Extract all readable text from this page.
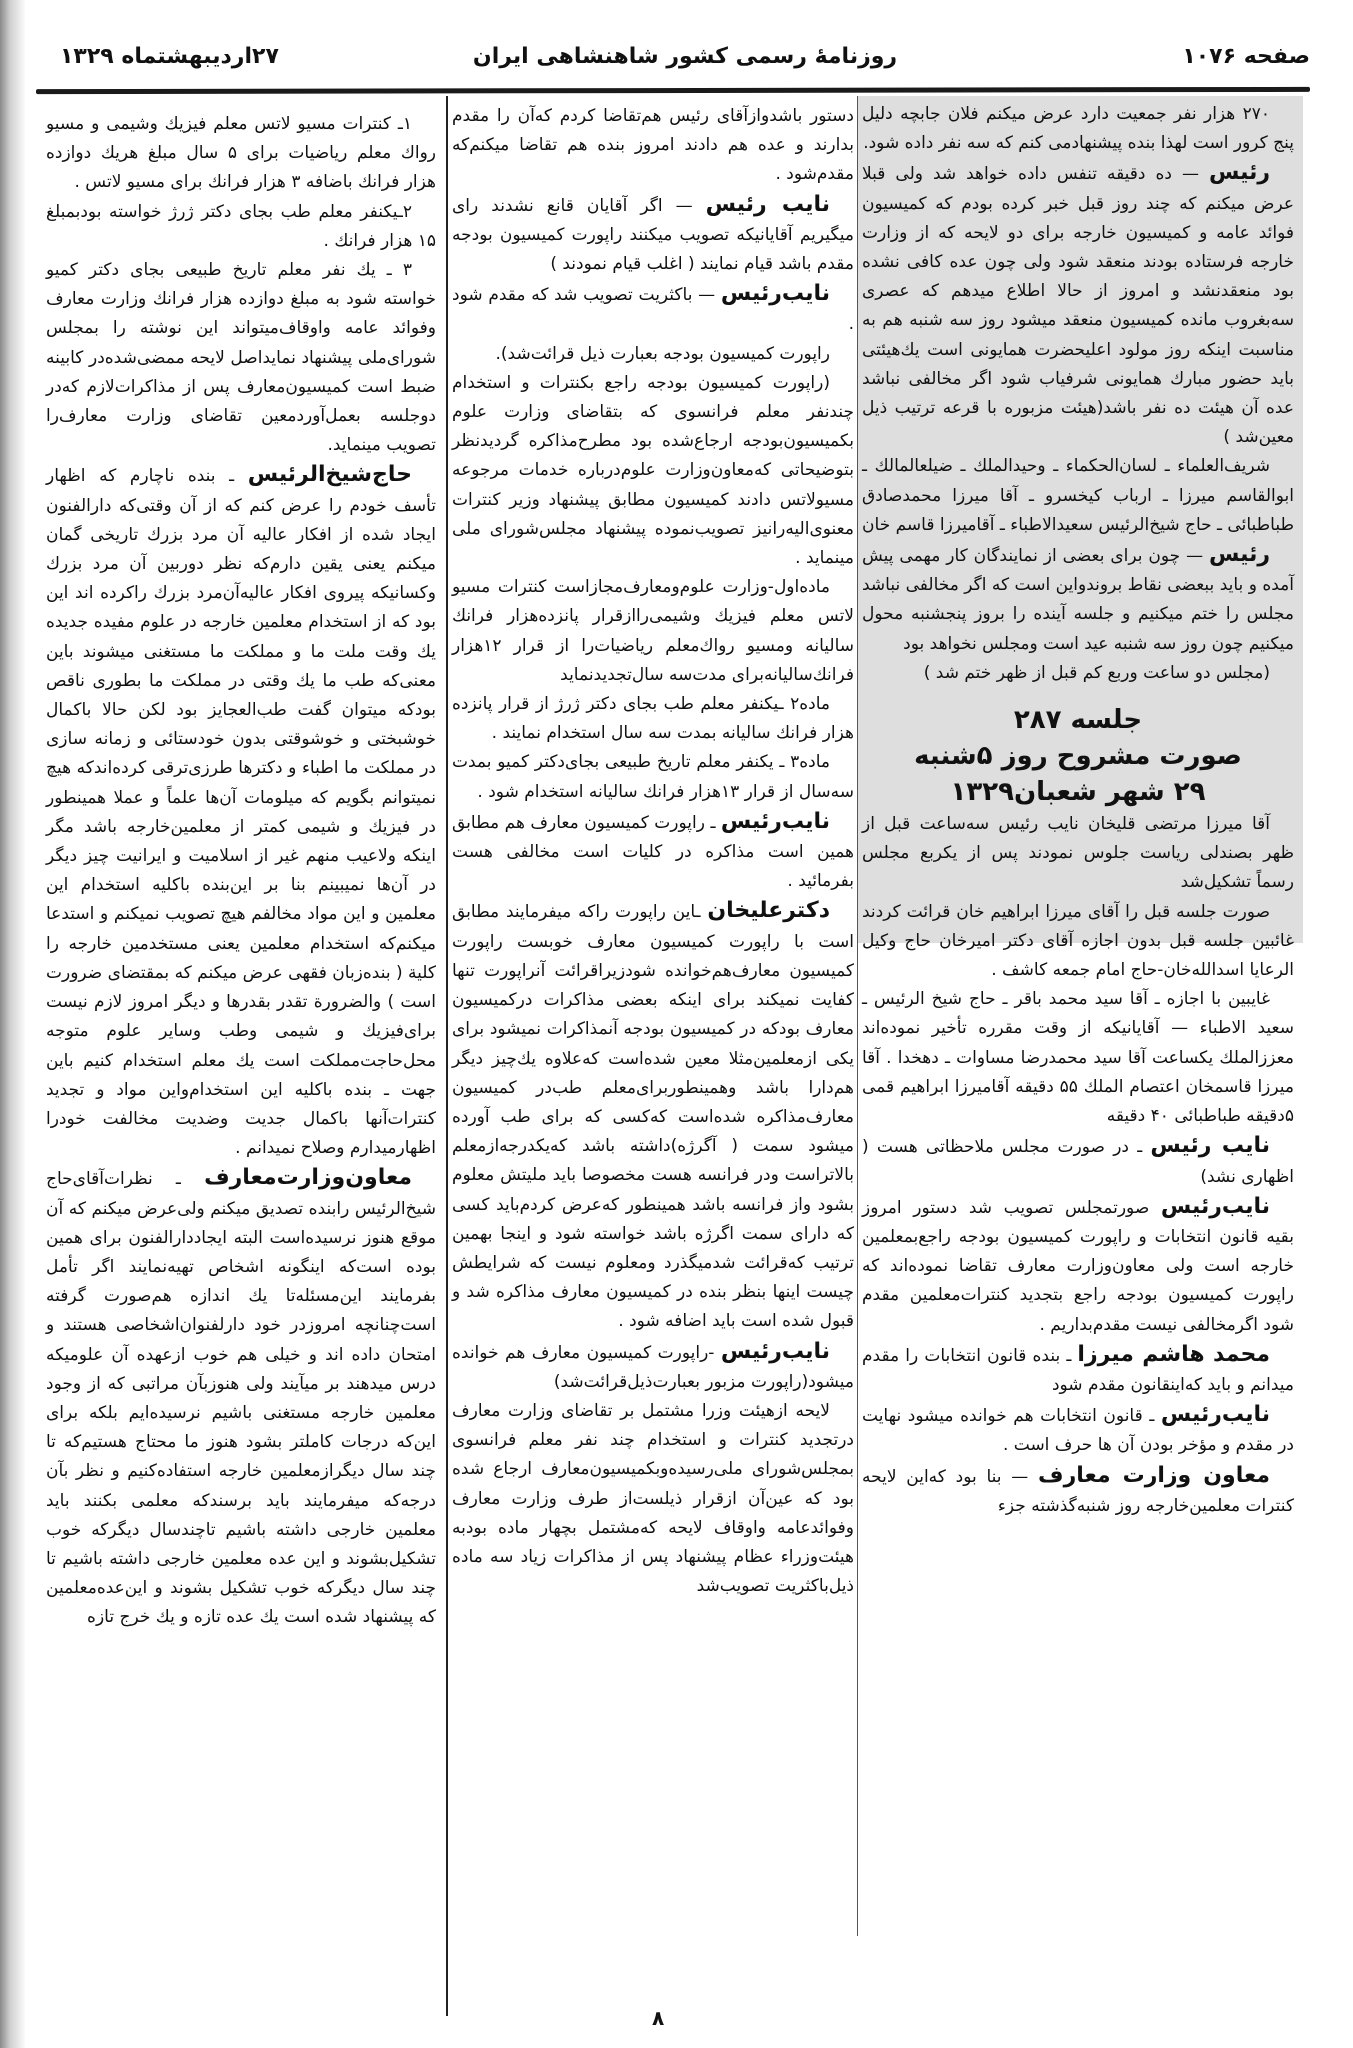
صفحه ۱۰۷۶
روزنامهٔ رسمی کشور شاهنشاهی ایران
۲۷اردیبهشتماه ۱۳۲۹

۲۷۰ هزار نفر جمعیت دارد عرض میکنم فلان جابچه دلیل پنج کرور است لهذا بنده پیشنهادمی کنم که سه نفر داده شود.

رئیس — ده دقیقه تنفس داده خواهد شد ولی قبلا عرض میکنم که چند روز قبل خبر کرده بودم که کمیسیون فوائد عامه و کمیسیون خارجه برای دو لایحه که از وزارت خارجه فرستاده بودند منعقد شود ولی چون عده کافی نشده بود منعقدنشد و امروز از حالا اطلاع میدهم که عصری سه‌بغروب مانده کمیسیون منعقد میشود روز سه شنبه هم به مناسبت اینکه روز مولود اعلیحضرت همایونی است یك‌هیئتی باید حضور مبارك همایونی شرفیاب شود اگر مخالفی نباشد عده آن هیئت ده نفر باشد(هیئت مزبوره با قرعه ترتیب ذیل معین‌شد )

شریف‌العلماء ـ لسان‌الحکماء ـ وحیدالملك ـ ضیلعالمالك ـ ابوالقاسم میرزا ـ ارباب کیخسرو ـ آقا میرزا محمدصادق طباطبائی ـ حاج شیخ‌الرئیس سعیدالاطباء ـ آقامیرزا قاسم خان

رئیس — چون برای بعضی از نمایندگان کار مهمی پیش آمده و باید ببعضی نقاط بروندواین است که اگر مخالفی نباشد مجلس را ختم میکنیم و جلسه آینده را بروز پنجشنبه محول میکنیم چون روز سه شنبه عید است ومجلس نخواهد بود

(مجلس دو ساعت وربع کم قبل از ظهر ختم شد )

جلسه ۲۸۷
صورت مشروح روز ۵شنبه
۲۹ شهر شعبان۱۳۲۹

آقا میرزا مرتضی قلیخان نایب رئیس سه‌ساعت قبل از ظهر بصندلی ریاست جلوس نمودند پس از یکربع مجلس رسماً تشکیل‌شد

صورت جلسه قبل را آقای میرزا ابراهیم خان قرائت کردند غائبین جلسه قبل بدون اجازه آقای دکتر امیرخان حاج وکیل الرعایا اسدالله‌خان-حاج امام جمعه کاشف .

غایبین با اجازه ـ آقا سید محمد باقر ـ حاج شیخ الرئیس ـ سعید الاطباء — آقایانیکه از وقت مقرره تأخیر نموده‌اند معززالملك یکساعت آقا سید محمدرضا مساوات ـ دهخدا . آقا میرزا قاسمخان اعتصام الملك ۵۵ دقیقه آقامیرزا ابراهیم قمی ۵دقیقه طباطبائی ۴۰ دقیقه

نایب رئیس ـ در صورت مجلس ملاحظاتی هست ( اظهاری نشد)

نایب‌رئیس صورتمجلس تصویب شد دستور امروز بقیه قانون انتخابات و راپورت کمیسیون بودجه راجع‌بمعلمین خارجه است ولی معاون‌وزارت معارف تقاضا نموده‌اند که راپورت کمیسیون بودجه راجع بتجدید کنترات‌معلمین مقدم شود اگرمخالفی نیست مقدم‌بداریم .

محمد هاشم میرزا ـ بنده قانون انتخابات را مقدم میدانم و باید که‌اینقانون مقدم شود

نایب‌رئیس ـ قانون انتخابات هم خوانده میشود نهایت در مقدم و مؤخر بودن آن ها حرف است .

معاون وزارت معارف — بنا بود که‌این لایحه کنترات معلمین‌خارجه روز شنبه‌گذشته جزء

دستور باشدوازآقای رئیس هم‌تقاضا کردم که‌آن را مقدم بدارند و عده هم دادند امروز بنده هم تقاضا میکنم‌که مقدم‌شود .

نایب رئیس — اگر آقایان قانع نشدند رای میگیریم آقایانیکه تصویب میکنند راپورت کمیسیون بودجه مقدم باشد قیام نمایند ( اغلب قیام نمودند )

نایب‌رئیس — باکثریت تصویب شد که مقدم شود .

راپورت کمیسیون بودجه بعبارت ذیل قرائت‌شد).

(راپورت کمیسیون بودجه راجع بکنترات و استخدام چندنفر معلم فرانسوی که بتقاضای وزارت علوم بکمیسیون‌بودجه ارجاع‌شده بود مطرح‌مذاکره گردیدنظر بتوضیحاتی که‌معاون‌وزارت علوم‌درباره خدمات مرجوعه مسیولاتس دادند کمیسیون مطابق پیشنهاد وزیر کنترات معنوی‌الیه‌رانیز تصویب‌نموده پیشنهاد مجلس‌شورای ملی مینماید .

ماده‌اول-وزارت علوم‌ومعارف‌مجازاست کنترات مسیو لاتس معلم فیزیك وشیمی‌رااز‌قرار پانزده‌هزار فرانك سالیانه ومسیو رواك‌معلم ریاضیات‌را از قرار ۱۲هزار فرانك‌سالیانه‌برای مدت‌سه سال‌تجدیدنماید

ماده۲ ـیکنفر معلم طب بجای دکتر ژرژ از قرار پانزده هزار فرانك سالیانه بمدت سه سال استخدام نمایند .

ماده۳ ـ یکنفر معلم تاریخ طبیعی بجای‌دکتر کمیو بمدت سه‌سال از قرار ۱۳هزار فرانك سالیانه استخدام شود .

نایب‌رئیس ـ راپورت کمیسیون معارف هم مطابق همین است مذاکره در کلیات است مخالفی هست بفرمائید .

دکترعلیخان ـاین راپورت راکه میفرمایند مطابق است با راپورت کمیسیون معارف خوبست راپورت کمیسیون معارف‌هم‌خوانده شودزیراقرائت آنراپورت تنها کفایت نمیکند برای اینکه بعضی مذاکرات درکمیسیون معارف بودکه در کمیسیون بودجه آنمذاکرات نمیشود برای یکی ازمعلمین‌مثلا معین شده‌است که‌علاوه یك‌چیز دیگر هم‌دارا باشد وهمینطوربرای‌معلم طب‌در کمیسیون معارف‌مذاکره شده‌است که‌کسی که برای طب آورده میشود سمت ( آگرژه)داشته باشد که‌یکدرجه‌ازمعلم بالاتراست ودر فرانسه هست مخصوصا باید ملیتش معلوم بشود واز فرانسه باشد همینطور که‌عرض کردم‌باید کسی که دارای سمت اگرژه باشد خواسته شود و اینجا بهمین ترتیب که‌قرائت شدمیگذرد ومعلوم نیست که شرایطش چیست اینها بنظر بنده در کمیسیون معارف مذاکره شد و قبول شده است باید اضافه شود .

نایب‌رئیس -راپورت کمیسیون معارف هم خوانده میشود(راپورت مزبور بعبارت‌ذیل‌قرائت‌شد)

لایحه ازهیئت وزرا مشتمل بر تقاضای وزارت معارف درتجدید کنترات و استخدام چند نفر معلم فرانسوی بمجلس‌شورای ملی‌رسیده‌وبکمیسیون‌معارف ارجاع شده بود که عین‌آن ازقرار ذیلست‌از طرف وزارت معارف وفوائدعامه واوقاف لایحه که‌مشتمل بچهار ماده بود‌به هیئت‌وزراء عظام پیشنهاد پس از مذاکرات زیاد سه ماده ذیل‌باکثریت تصویب‌شد

۱ـ کنترات مسیو لاتس معلم فیزیك وشیمی و مسیو رواك معلم ریاضیات برای ۵ سال مبلغ هریك دوازده هزار فرانك باضافه ۳ هزار فرانك برای مسیو لاتس .

۲ـیکنفر معلم طب بجای دکتر ژرژ خواسته بودبمبلغ ۱۵ هزار فرانك .

۳ ـ یك نفر معلم تاریخ طبیعی بجای دکتر کمیو خواسته شود به مبلغ دوازده هزار فرانك وزارت معارف وفوائد عامه واوقاف‌میتواند این نوشته را بمجلس شورای‌ملی پیشنهاد نمایداصل لایحه ممضی‌شده‌در کابینه ضبط است کمیسیون‌معارف پس از مذاکرات‌لازم که‌در دوجلسه بعمل‌آوردمعین تقاضای وزارت معارف‌را تصویب مینماید.

حاج‌شیخ‌الرئیس ـ بنده ناچارم که اظهار تأسف خودم را عرض کنم که از آن وقتی‌که دارالفنون ایجاد شده از افکار عالیه آن مرد بزرك تاریخی گمان میکنم یعنی یقین دارم‌که نظر دوربین آن مرد بزرك وکسانیکه پیروی افکار عالیه‌آن‌مرد بزرك راکرده اند این بود که از استخدام معلمین خارجه در علوم مفیده جدیده یك وقت ملت ما و مملکت ما مستغنی میشوند باین معنی‌که طب ما یك وقتی در مملکت ما بطوری ناقص بود‌که میتوان گفت طب‌العجایز بود لکن حالا باکمال خوشبختی و خوشوقتی بدون خودستائی و زمانه سازی در مملکت ما اطباء و دکترها طرزی‌ترقی کرده‌اند‌که هیچ نمیتوانم بگویم که میلومات آن‌ها علماً و عملا همینطور در فیزیك و شیمی کمتر از معلمین‌خارجه باشد مگر اینکه ولاعیب منهم غیر از اسلامیت و ایرانیت چیز دیگر در آن‌ها نمیبینم بنا بر این‌بنده باکلیه استخدام این معلمین و این مواد مخالفم هیچ تصویب نمیکنم و استدعا میکنم‌که استخدام معلمین یعنی مستخدمین خارجه را کلیة ( بنده‌زبان فقهی عرض میکنم که بمقتضای ضرورت است ) والضرورة تقدر بقدرها و دیگر امروز لازم نیست برای‌فیزیك و شیمی وطب وسایر علوم متوجه محل‌حاجت‌مملکت است یك معلم استخدام کنیم باین جهت ـ بنده باکلیه این استخدام‌واین مواد و تجدید کنترات‌آنها باکمال جدیت وضدیت مخالفت خودرا اظهارمیدارم وصلاح نمیدانم .

معاون‌وزارت‌معارف ـ نظرات‌آقای‌حاج شیخ‌الرئیس رابنده تصدیق میکنم ولی‌عرض میکنم که آن موقع هنوز نرسیده‌است البته ایجاددارالفنون برای همین بوده است‌که اینگونه اشخاص تهیه‌نمایند اگر تأمل بفرمایند این‌مسئله‌تا یك اندازه هم‌صورت گرفته است‌چنانچه امروزدر خود دارلفنوان‌اشخاصی هستند و امتحان داده اند و خیلی هم خوب ازعهده آن علومیکه درس میدهند بر میآیند ولی هنوز‌بآن مراتبی که از وجود معلمین خارجه مستغنی باشیم نرسیده‌ایم بلکه برای این‌که درجات کاملتر بشود هنوز ما محتاج هستیم‌که تا چند سال دیگرازمعلمین خارجه استفاده‌کنیم و نظر بآن درجه‌که میفرمایند باید برسندکه معلمی بکنند باید معلمین خارجی داشته باشیم تاچندسال دیگر‌که خوب تشکیل‌بشوند و این عده معلمین خارجی داشته باشیم تا چند سال دیگرکه خوب تشکیل بشوند و این‌عده‌معلمین که پیشنهاد شده است یك عده تازه و یك خرج تازه

۸
